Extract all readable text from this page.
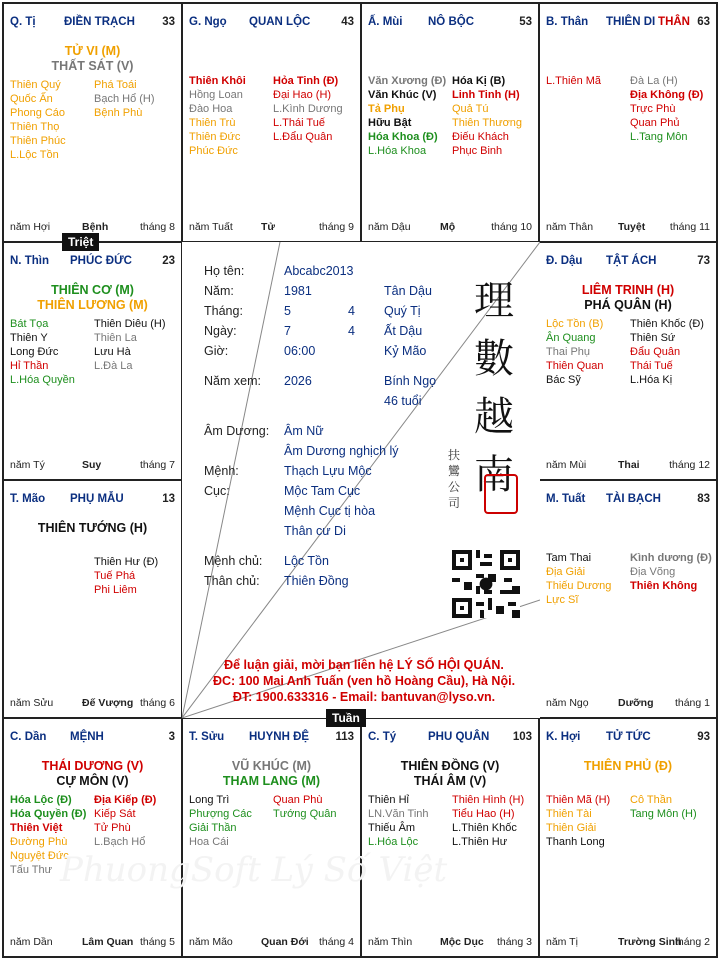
Q. Tị ĐIỀN TRẠCH 33
TỬ VI (M)
THẤT SÁT (V)
Thiên Quý
Quốc Ấn
Phong Cáo
Thiên Thọ
Thiên Phúc
L.Lộc Tồn
Phá Toái
Bạch Hổ (H)
Bệnh Phù
năm Hợi	Bệnh	tháng 8
G. Ngọ QUAN LỘC	43
Thiên Khôi
Hồng Loan
Đào Hoa
Thiên Trù
Thiên Đức
Phúc Đức
Hỏa Tinh (Đ)
Đại Hao (H)
L.Kình Dương
L.Thái Tuế
L.Đẩu Quân
năm Tuất	Tử	tháng 9
Ấ. Mùi NÔ BỘC	53
Văn Xương (Đ)
Văn Khúc (V)
Tả Phụ
Hữu Bật
Hóa Khoa (Đ)
L.Hóa Khoa
Hóa Kị (B)
Linh Tinh (H)
Quả Tú
Thiên Thương
Điếu Khách
Phục Binh
năm Dậu	Mộ	tháng 10
B. Thân THIÊN DI THÂN 63
L.Thiên Mã	Đà La (H)
Địa Không (Đ)
Trực Phù
Quan Phủ
L.Tang Môn
năm Thân Tuyệt tháng 11
N. Thìn PHÚC ĐỨC	23
THIÊN CƠ (M)
THIÊN LƯƠNG (M)
Bát Tọa
Thiên Y
Long Đức
Hỉ Thần
L.Hóa Quyền
Thiên Diêu (H)
Thiên La
Lưu Hà
L.Đà La
năm Tý	Suy	tháng 7
Đ. Dậu TẬT ÁCH	73
LIÊM TRINH (H)
PHÁ QUÂN (H)
Lộc Tồn (B)
Ân Quang
Thai Phụ
Thiên Quan
Bác Sỹ
Thiên Khốc (Đ)
Thiên Sứ
Đẩu Quân
Thái Tuế
L.Hóa Kị
năm Mùi	Thai	tháng 12
T. Mão PHỤ MẪU	13
THIÊN TƯỚNG (H)
Thiên Hư (Đ)
Tuế Phá
Phi Liêm
năm Sửu	Đế Vượng tháng 6
M. Tuất TÀI BẠCH	83
Tam Thai
Địa Giải
Thiếu Dương
Lực Sĩ
Kình dương (Đ)
Địa Võng
Thiên Không
năm Ngọ	Dưỡng tháng 1
C. Dần MỆNH	3
THÁI DƯƠNG (V)
CỰ MÔN (V)
Hóa Lộc (Đ)
Hóa Quyền (Đ)
Thiên Việt
Đường Phù
Nguyệt Đức
Tấu Thư
Địa Kiếp (Đ)
Kiếp Sát
Tử Phù
L.Bạch Hổ
năm Dần	Lâm Quan tháng 5
T. Sửu HUYNH ĐỆ 113
VŨ KHÚC (M)
THAM LANG (M)
Long Trì
Phượng Các
Giải Thần
Hoa Cái
Quan Phù
Tướng Quân
năm Mão	Quan Đới tháng 4
C. Tý	PHU QUÂN 103
THIÊN ĐỒNG (V)
THÁI ÂM (V)
Thiên Hỉ
LN.Văn Tinh
Thiếu Âm
L.Hóa Lộc
Thiên Hình (H)
Tiểu Hao (H)
L.Thiên Khốc
L.Thiên Hư
năm Thìn	Mộc Dục tháng 3
K. Hợi TỬ TỨC	93
THIÊN PHỦ (Đ)
Thiên Mã (H)
Thiên Tài
Thiên Giải
Thanh Long
Cô Thần
Tang Môn (H)
năm Tị	Trường Sinh
tháng 2
Họ tên:	Abcabc2013
Năm:	1981	Tân Dậu
Tháng:	5	4 Quý Tị
Ngày:	7	4 Ất Dậu
Giờ:	06:00	Kỷ Mão
Năm xem: 2026	Bính Ngọ
46 tuổi
Âm Dương: Âm Nữ
Âm Dương nghịch lý
Mệnh:	Thạch Lựu Mộc
Cục:	Mộc Tam Cục
Mệnh Cục tị hòa
Thân cư Di
Mệnh chủ: Lộc Tồn
Thân chủ: Thiên Đồng
理
數
越
南
扶鸞公司
Để luận giải, mời bạn liên hệ LÝ SỐ HỘI QUÁN.
ĐC: 100 Mai Anh Tuấn (ven hồ Hoàng Cầu), Hà Nội.
ĐT: 1900.633316 - Email: bantuvan@lyso.vn.
PhuongSoft Lý Số Việt
Triệt
Tuần
